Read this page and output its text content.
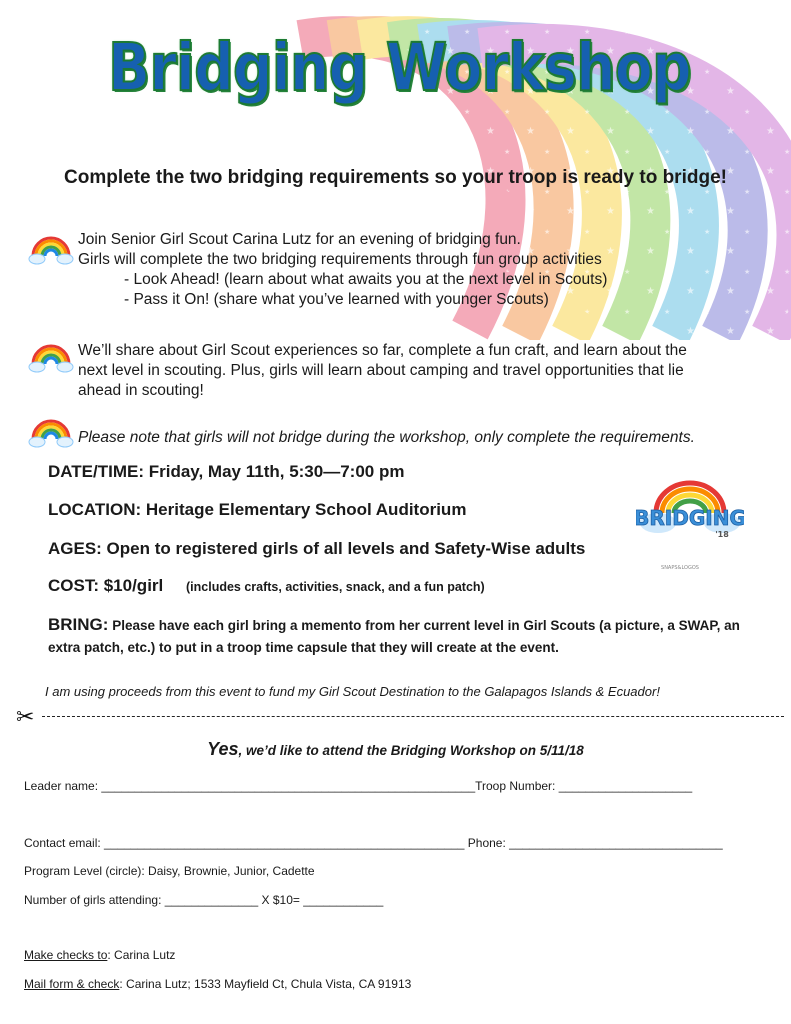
Bridging Workshop
Complete the two bridging requirements so your troop is ready to bridge!
Join Senior Girl Scout Carina Lutz for an evening of bridging fun.
Girls will complete the two bridging requirements through fun group activities
- Look Ahead! (learn about what awaits you at the next level in Scouts)
- Pass it On! (share what you’ve learned with younger Scouts)
We’ll share about Girl Scout experiences so far, complete a fun craft, and learn about the
next level in scouting. Plus, girls will learn about camping and travel opportunities that lie
ahead in scouting!
Please note that girls will not bridge during the workshop, only complete the requirements.
DATE/TIME: Friday, May 11th, 5:30—7:00 pm
LOCATION: Heritage Elementary School Auditorium
AGES: Open to registered girls of all levels and Safety-Wise adults
COST: $10/girl (includes crafts, activities, snack, and a fun patch)
BRING: Please have each girl bring a memento from her current level in Girl Scouts (a picture, a SWAP, an
extra patch, etc.) to put in a troop time capsule that they will create at the event.
BRIDGING
'18
SNAPS&LOGOS
I am using proceeds from this event to fund my Girl Scout Destination to the Galapagos Islands & Ecuador!
✂
Yes, we’d like to attend the Bridging Workshop on 5/11/18
Leader name: ________________________________________________________Troop Number: ____________________
Contact email: ______________________________________________________ Phone: ________________________________
Program Level (circle): Daisy, Brownie, Junior, Cadette
Number of girls attending: ______________ X $10= ____________
Make checks to: Carina Lutz
Mail form & check: Carina Lutz; 1533 Mayfield Ct, Chula Vista, CA 91913
